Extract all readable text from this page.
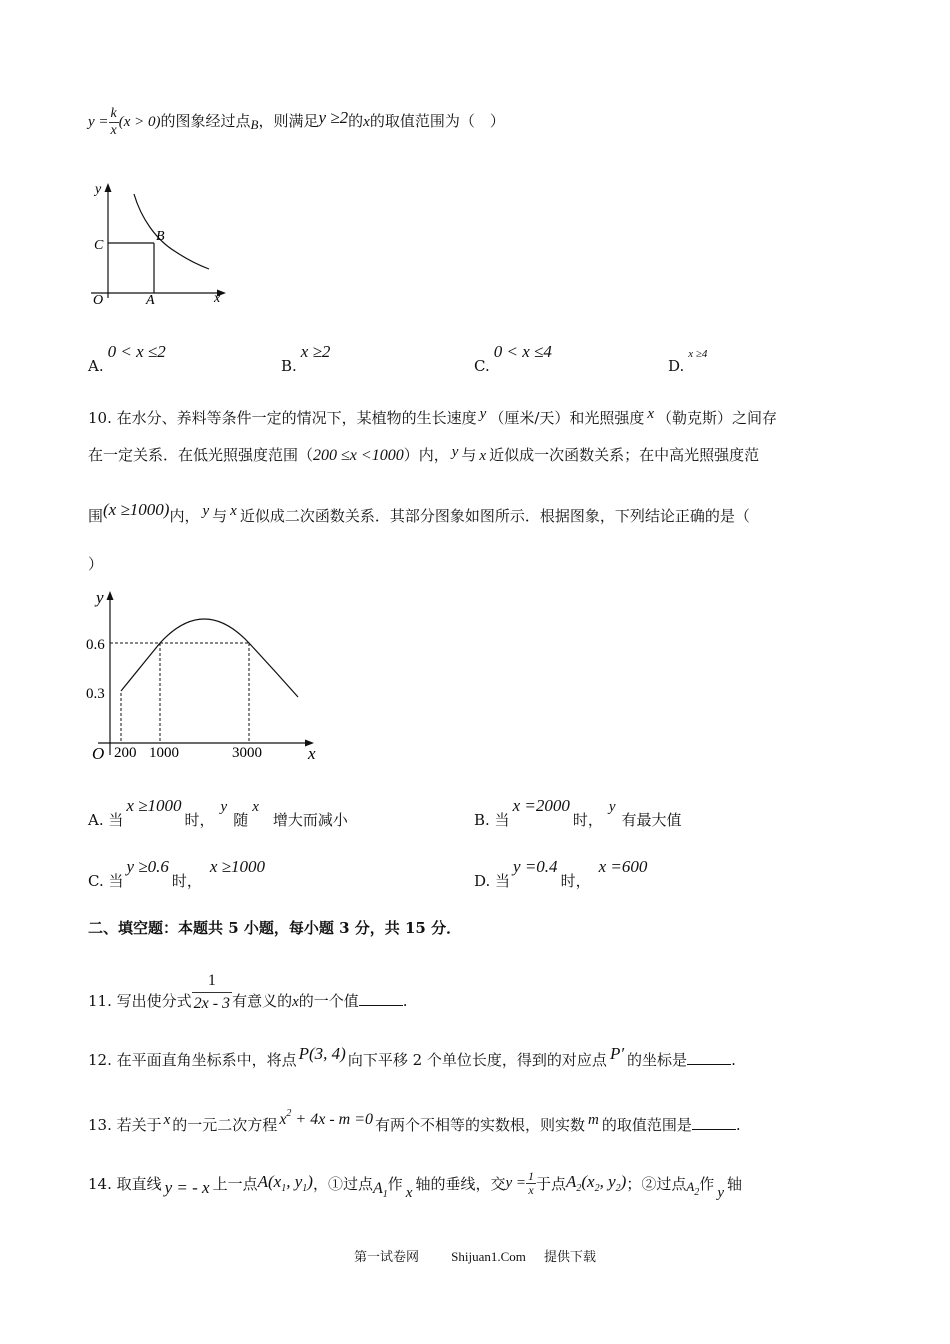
$y = \frac{k}{x} (x > 0)$的图象经过点B，则满足y ≥2的x的取值范围为（　）
y
C
B
O	A	x
A.0 < x ≤2
B.x ≥2
C.0 < x ≤4
D.x ≥4
10. 在水分、养料等条件一定的情况下，某植物的生长速度 y （厘米/天）和光照强度 x （勒克斯）之间存
在一定关系．在低光照强度范围（200 ≤x <1000）内， y 与 x 近似成一次函数关系；在中高光照强度范
围(x ≥1000)内， y 与 x 近似成二次函数关系．其部分图象如图所示．根据图象，下列结论正确的是（
）
y
0.6
0.3
O 200 1000	3000	x
A. 当x ≥1000时，y随x增大而减小	B. 当x =2000时，y有最大值
C. 当y ≥0.6时，x ≥1000
D. 当y =0.4时，x =600
二、填空题：本题共 5 小题，每小题 3 分，共 15 分．
11. 写出使分式 $\frac{1}{2x - 3}$ 有意义的x的一个值	.
12. 在平面直角坐标系中，将点 P(3, 4) 向下平移 2 个单位长度，得到的对应点 P′ 的坐标是	.
13. 若关于 x 的一元二次方程 $x^2 + 4x - m =0$ 有两个不相等的实数根，则实数 m 的取值范围是	.
14. 取直线 y = - x 上一点$A(x_1$, $y_1$)，①过点$A_1$作 x 轴的垂线，交$y = \frac{1}{x}$ 于点$A_2(x_2$, $y_2$)；②过点$A_2$作 y 轴
第一试卷网 Shijuan1.Com 提供下载
